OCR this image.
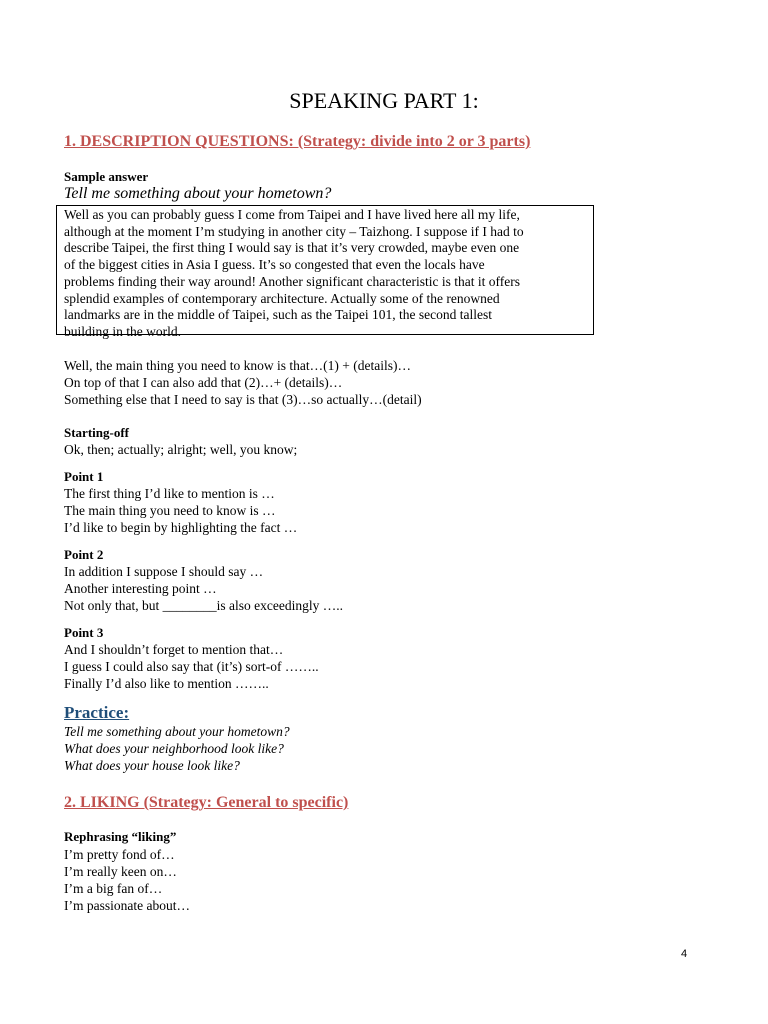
SPEAKING PART 1:
1. DESCRIPTION QUESTIONS: (Strategy: divide into 2 or 3 parts)
Sample answer
Tell me something about your hometown?

Well as you can probably guess I come from Taipei and I have lived here all my life,

although at the moment I’m studying in another city – Taizhong. I suppose if I had to

describe Taipei, the first thing I would say is that it’s very crowded, maybe even one

of the biggest cities in Asia I guess. It’s so congested that even the locals have

problems finding their way around! Another significant characteristic is that it offers

splendid examples of contemporary architecture. Actually some of the renowned

landmarks are in the middle of Taipei, such as the Taipei 101, the second tallest

building in the world.

Well, the main thing you need to know is that…(1) + (details)…

On top of that I can also add that (2)…+ (details)…

Something else that I need to say is that (3)…so actually…(detail)

Starting-off
Ok, then; actually; alright; well, you know;
Point 1

The first thing I’d like to mention is …

The main thing you need to know is …

I’d like to begin by highlighting the fact …

Point 2

In addition I suppose I should say …

Another interesting point …

Not only that, but ________is also exceedingly …..

Point 3

And I shouldn’t forget to mention that…

I guess I could also say that (it’s) sort-of ……..

Finally I’d also like to mention ……..

Practice:

Tell me something about your hometown?

What does your neighborhood look like?

What does your house look like?

2. LIKING (Strategy: General to specific)
Rephrasing “liking”

I’m pretty fond of…

I’m really keen on…

I’m a big fan of…

I’m passionate about…

4
